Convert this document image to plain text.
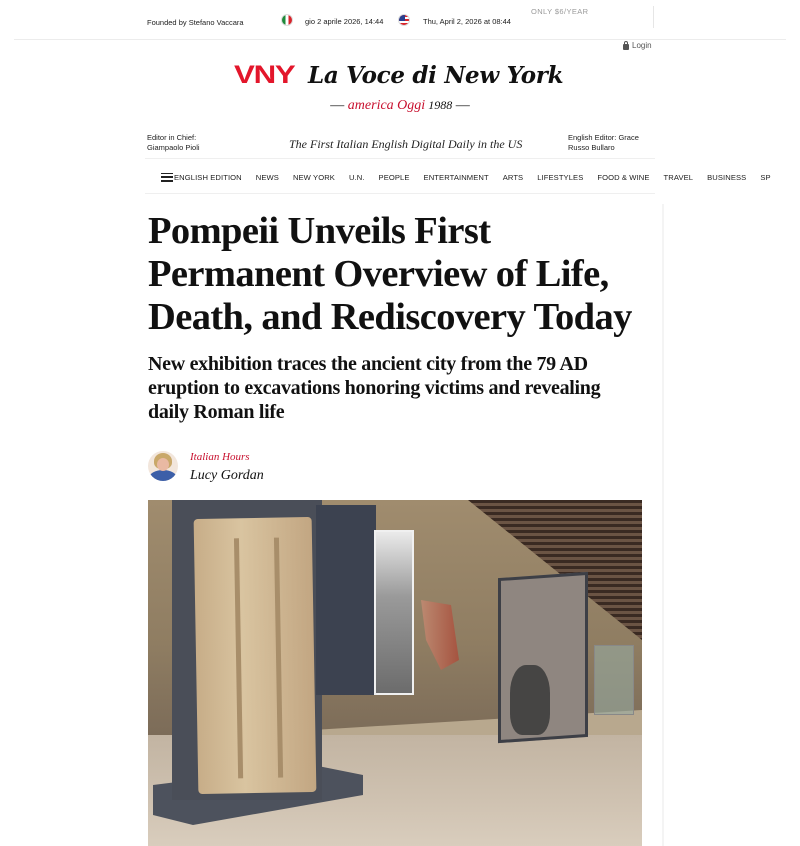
Founded by Stefano Vaccara	gio 2 aprile 2026, 14:44	Thu, April 2, 2026 at 08:44
ONLY $6/YEAR
Login
VNY La Voce di New York
— america Oggi 1988 —
Editor in Chief:
Giampaolo Pioli	The First Italian English Digital Daily in the US	English Editor: Grace
Russo Bullaro
ENGLISH EDITION NEWS NEW YORK U.N. PEOPLE ENTERTAINMENT ARTS LIFESTYLES FOOD & WINE TRAVEL BUSINESS SP
Pompeii Unveils First Permanent Overview of Life, Death, and Rediscovery Today
New exhibition traces the ancient city from the 79 AD eruption to excavations honoring victims and revealing daily Roman life
Italian Hours
Lucy Gordan
